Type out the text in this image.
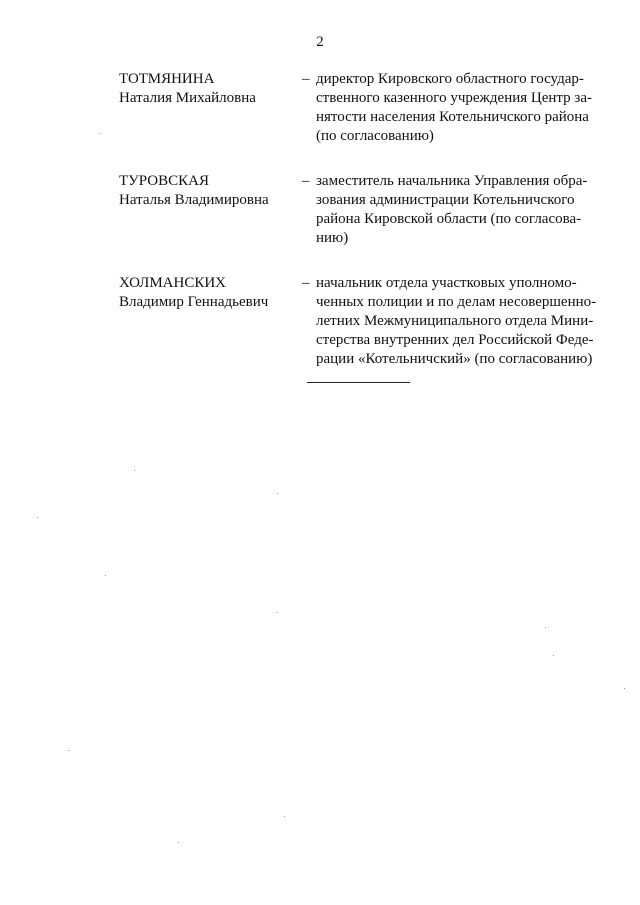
2
ТОТМЯНИНА
Наталия Михайловна
– директор Кировского областного государ-
ственного казенного учреждения Центр за-
нятости населения Котельничского района
(по согласованию)
ТУРОВСКАЯ
Наталья Владимировна
– заместитель начальника Управления обра-
зования администрации Котельничского
района Кировской области (по согласова-
нию)
ХОЛМАНСКИХ
Владимир Геннадьевич
– начальник отдела участковых уполномо-
ченных полиции и по делам несовершенно-
летних Межмуниципального отдела Мини-
стерства внутренних дел Российской Феде-
рации «Котельничский» (по согласованию)
